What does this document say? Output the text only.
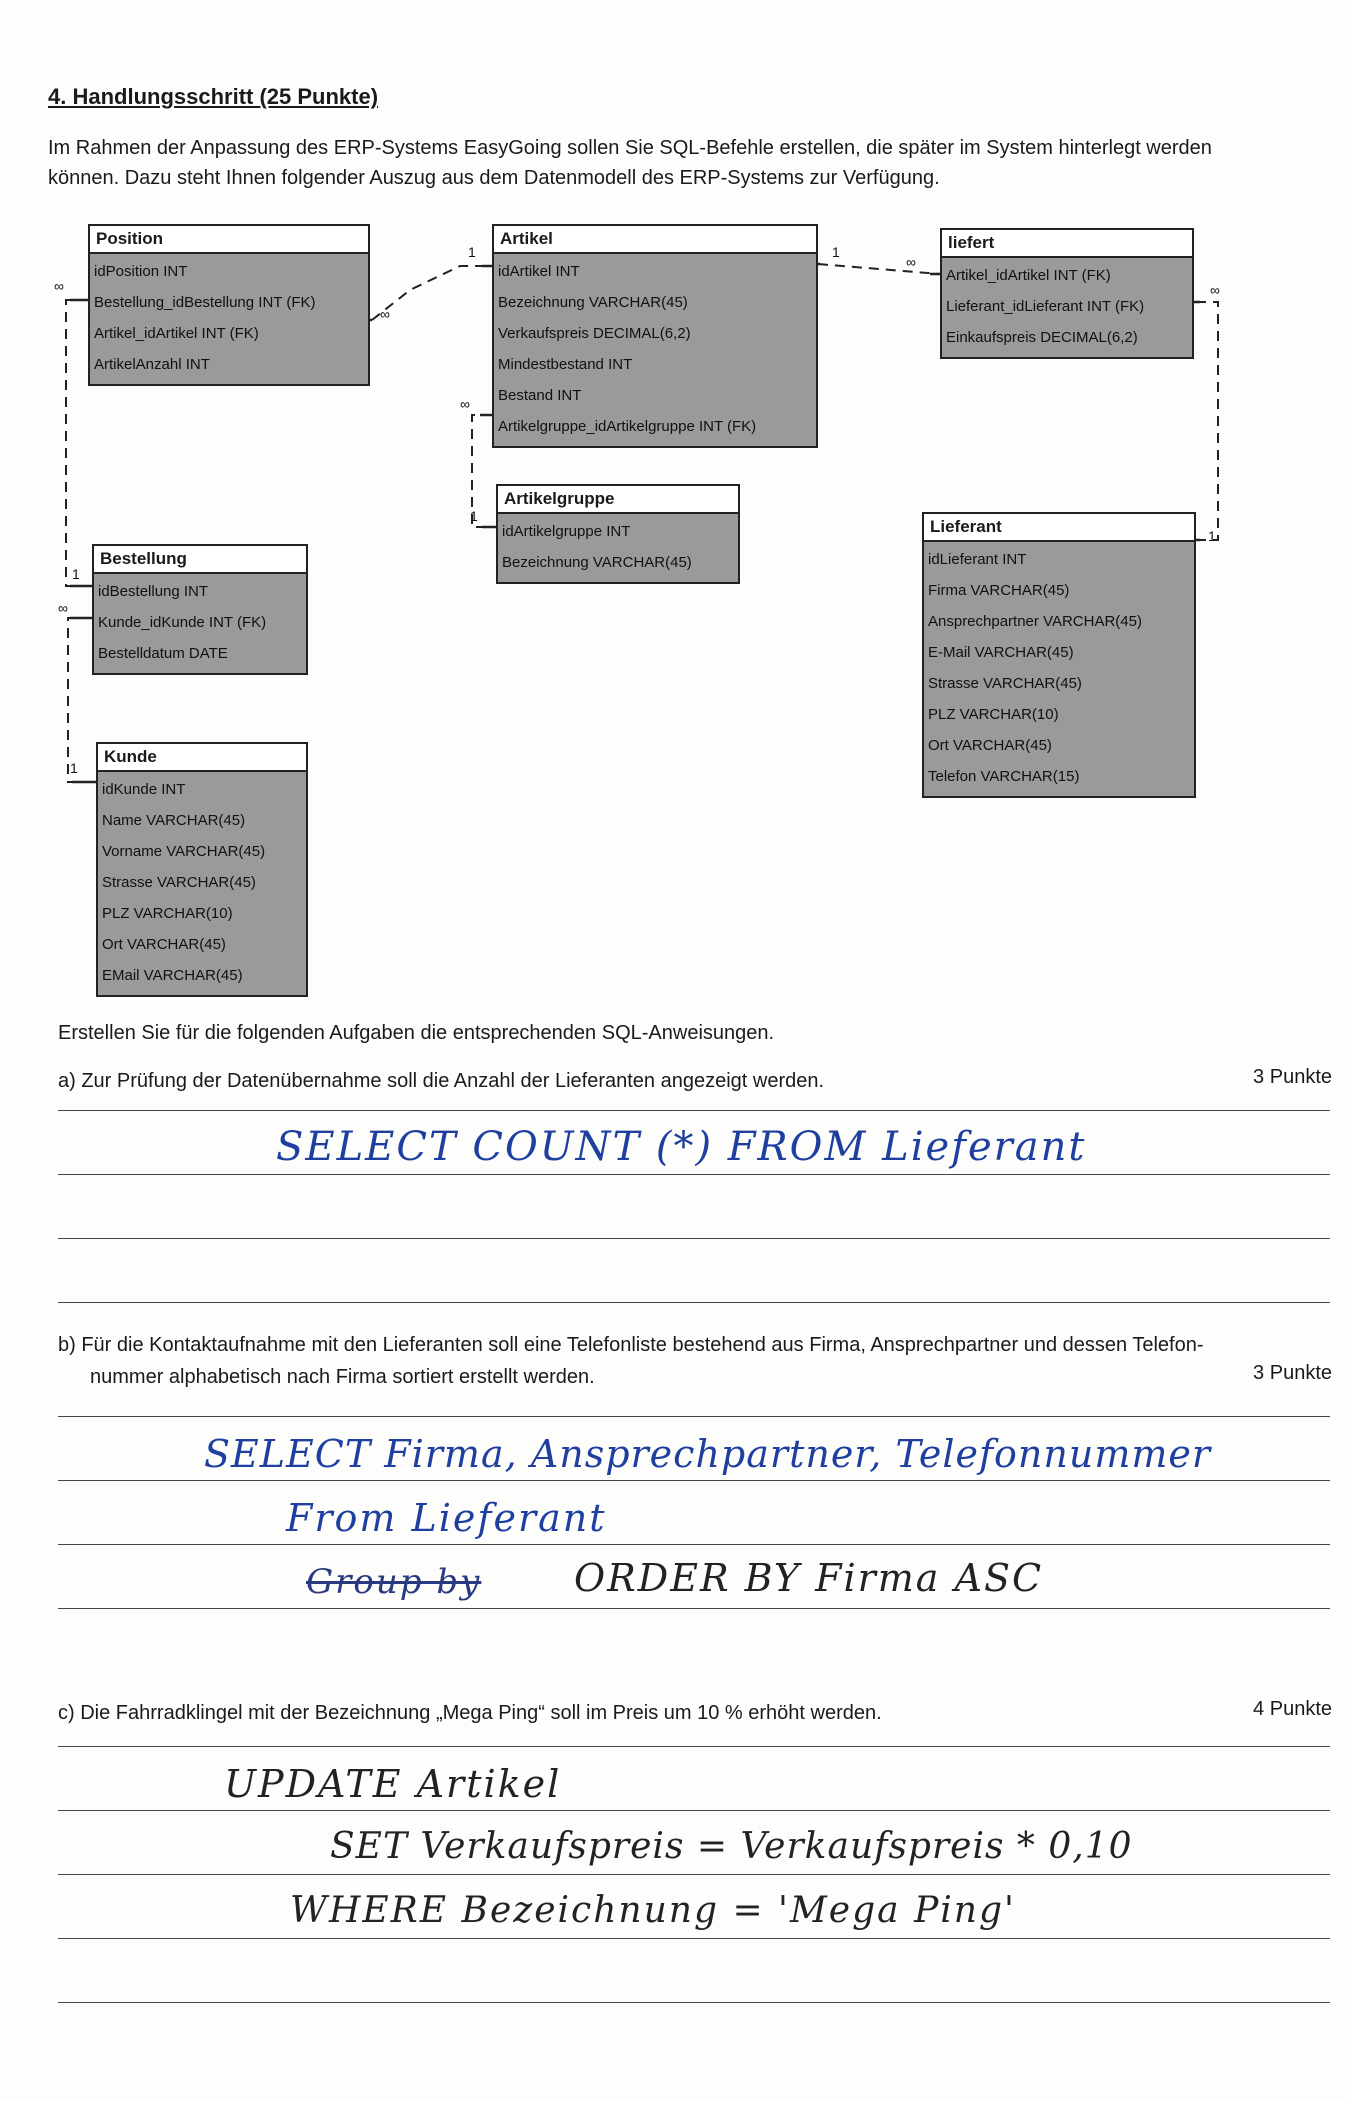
4. Handlungsschritt (25 Punkte)
Im Rahmen der Anpassung des ERP-Systems EasyGoing sollen Sie SQL-Befehle erstellen, die später im System hinterlegt werden
können. Dazu steht Ihnen folgender Auszug aus dem Datenmodell des ERP-Systems zur Verfügung.
1
∞
1
∞
∞
1
∞
1
∞
1
∞
1
Position
idPosition INT
Bestellung_idBestellung INT (FK)
Artikel_idArtikel INT (FK)
ArtikelAnzahl INT
Artikel
idArtikel INT
Bezeichnung VARCHAR(45)
Verkaufspreis DECIMAL(6,2)
Mindestbestand INT
Bestand INT
Artikelgruppe_idArtikelgruppe INT (FK)
liefert
Artikel_idArtikel INT (FK)
Lieferant_idLieferant INT (FK)
Einkaufspreis DECIMAL(6,2)
Artikelgruppe
idArtikelgruppe INT
Bezeichnung VARCHAR(45)
Bestellung
idBestellung INT
Kunde_idKunde INT (FK)
Bestelldatum DATE
Lieferant
idLieferant INT
Firma VARCHAR(45)
Ansprechpartner VARCHAR(45)
E-Mail VARCHAR(45)
Strasse VARCHAR(45)
PLZ VARCHAR(10)
Ort VARCHAR(45)
Telefon VARCHAR(15)
Kunde
idKunde INT
Name VARCHAR(45)
Vorname VARCHAR(45)
Strasse VARCHAR(45)
PLZ VARCHAR(10)
Ort VARCHAR(45)
EMail VARCHAR(45)
Erstellen Sie für die folgenden Aufgaben die entsprechenden SQL-Anweisungen.
a) Zur Prüfung der Datenübernahme soll die Anzahl der Lieferanten angezeigt werden.	3 Punkte
SELECT COUNT (*) FROM Lieferant
b) Für die Kontaktaufnahme mit den Lieferanten soll eine Telefonliste bestehend aus Firma, Ansprechpartner und dessen Telefon-
nummer alphabetisch nach Firma sortiert erstellt werden.	3 Punkte
SELECT Firma, Ansprechpartner, Telefonnummer
From Lieferant
Group by ORDER BY Firma ASC
c) Die Fahrradklingel mit der Bezeichnung „Mega Ping“ soll im Preis um 10 % erhöht werden.	4 Punkte
UPDATE Artikel
SET Verkaufspreis = Verkaufspreis * 0,10
WHERE Bezeichnung = 'Mega Ping'
